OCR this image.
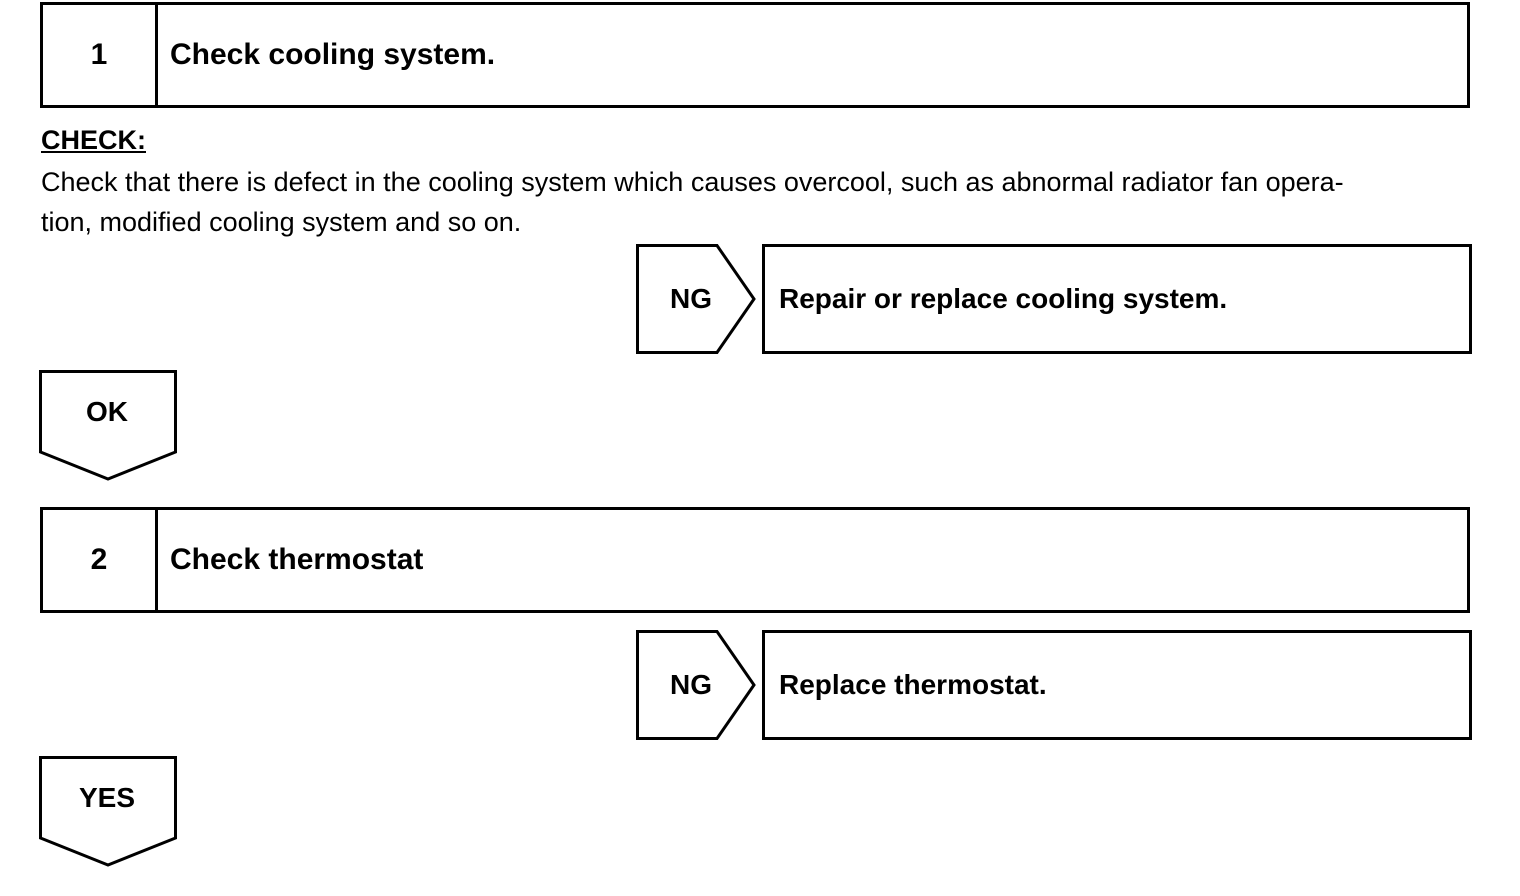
1	Check cooling system.
CHECK:
Check that there is defect in the cooling system which causes overcool, such as abnormal radiator fan opera-
tion, modified cooling system and so on.
NG	Repair or replace cooling system.
OK
2	Check thermostat
NG	Replace thermostat.
YES
